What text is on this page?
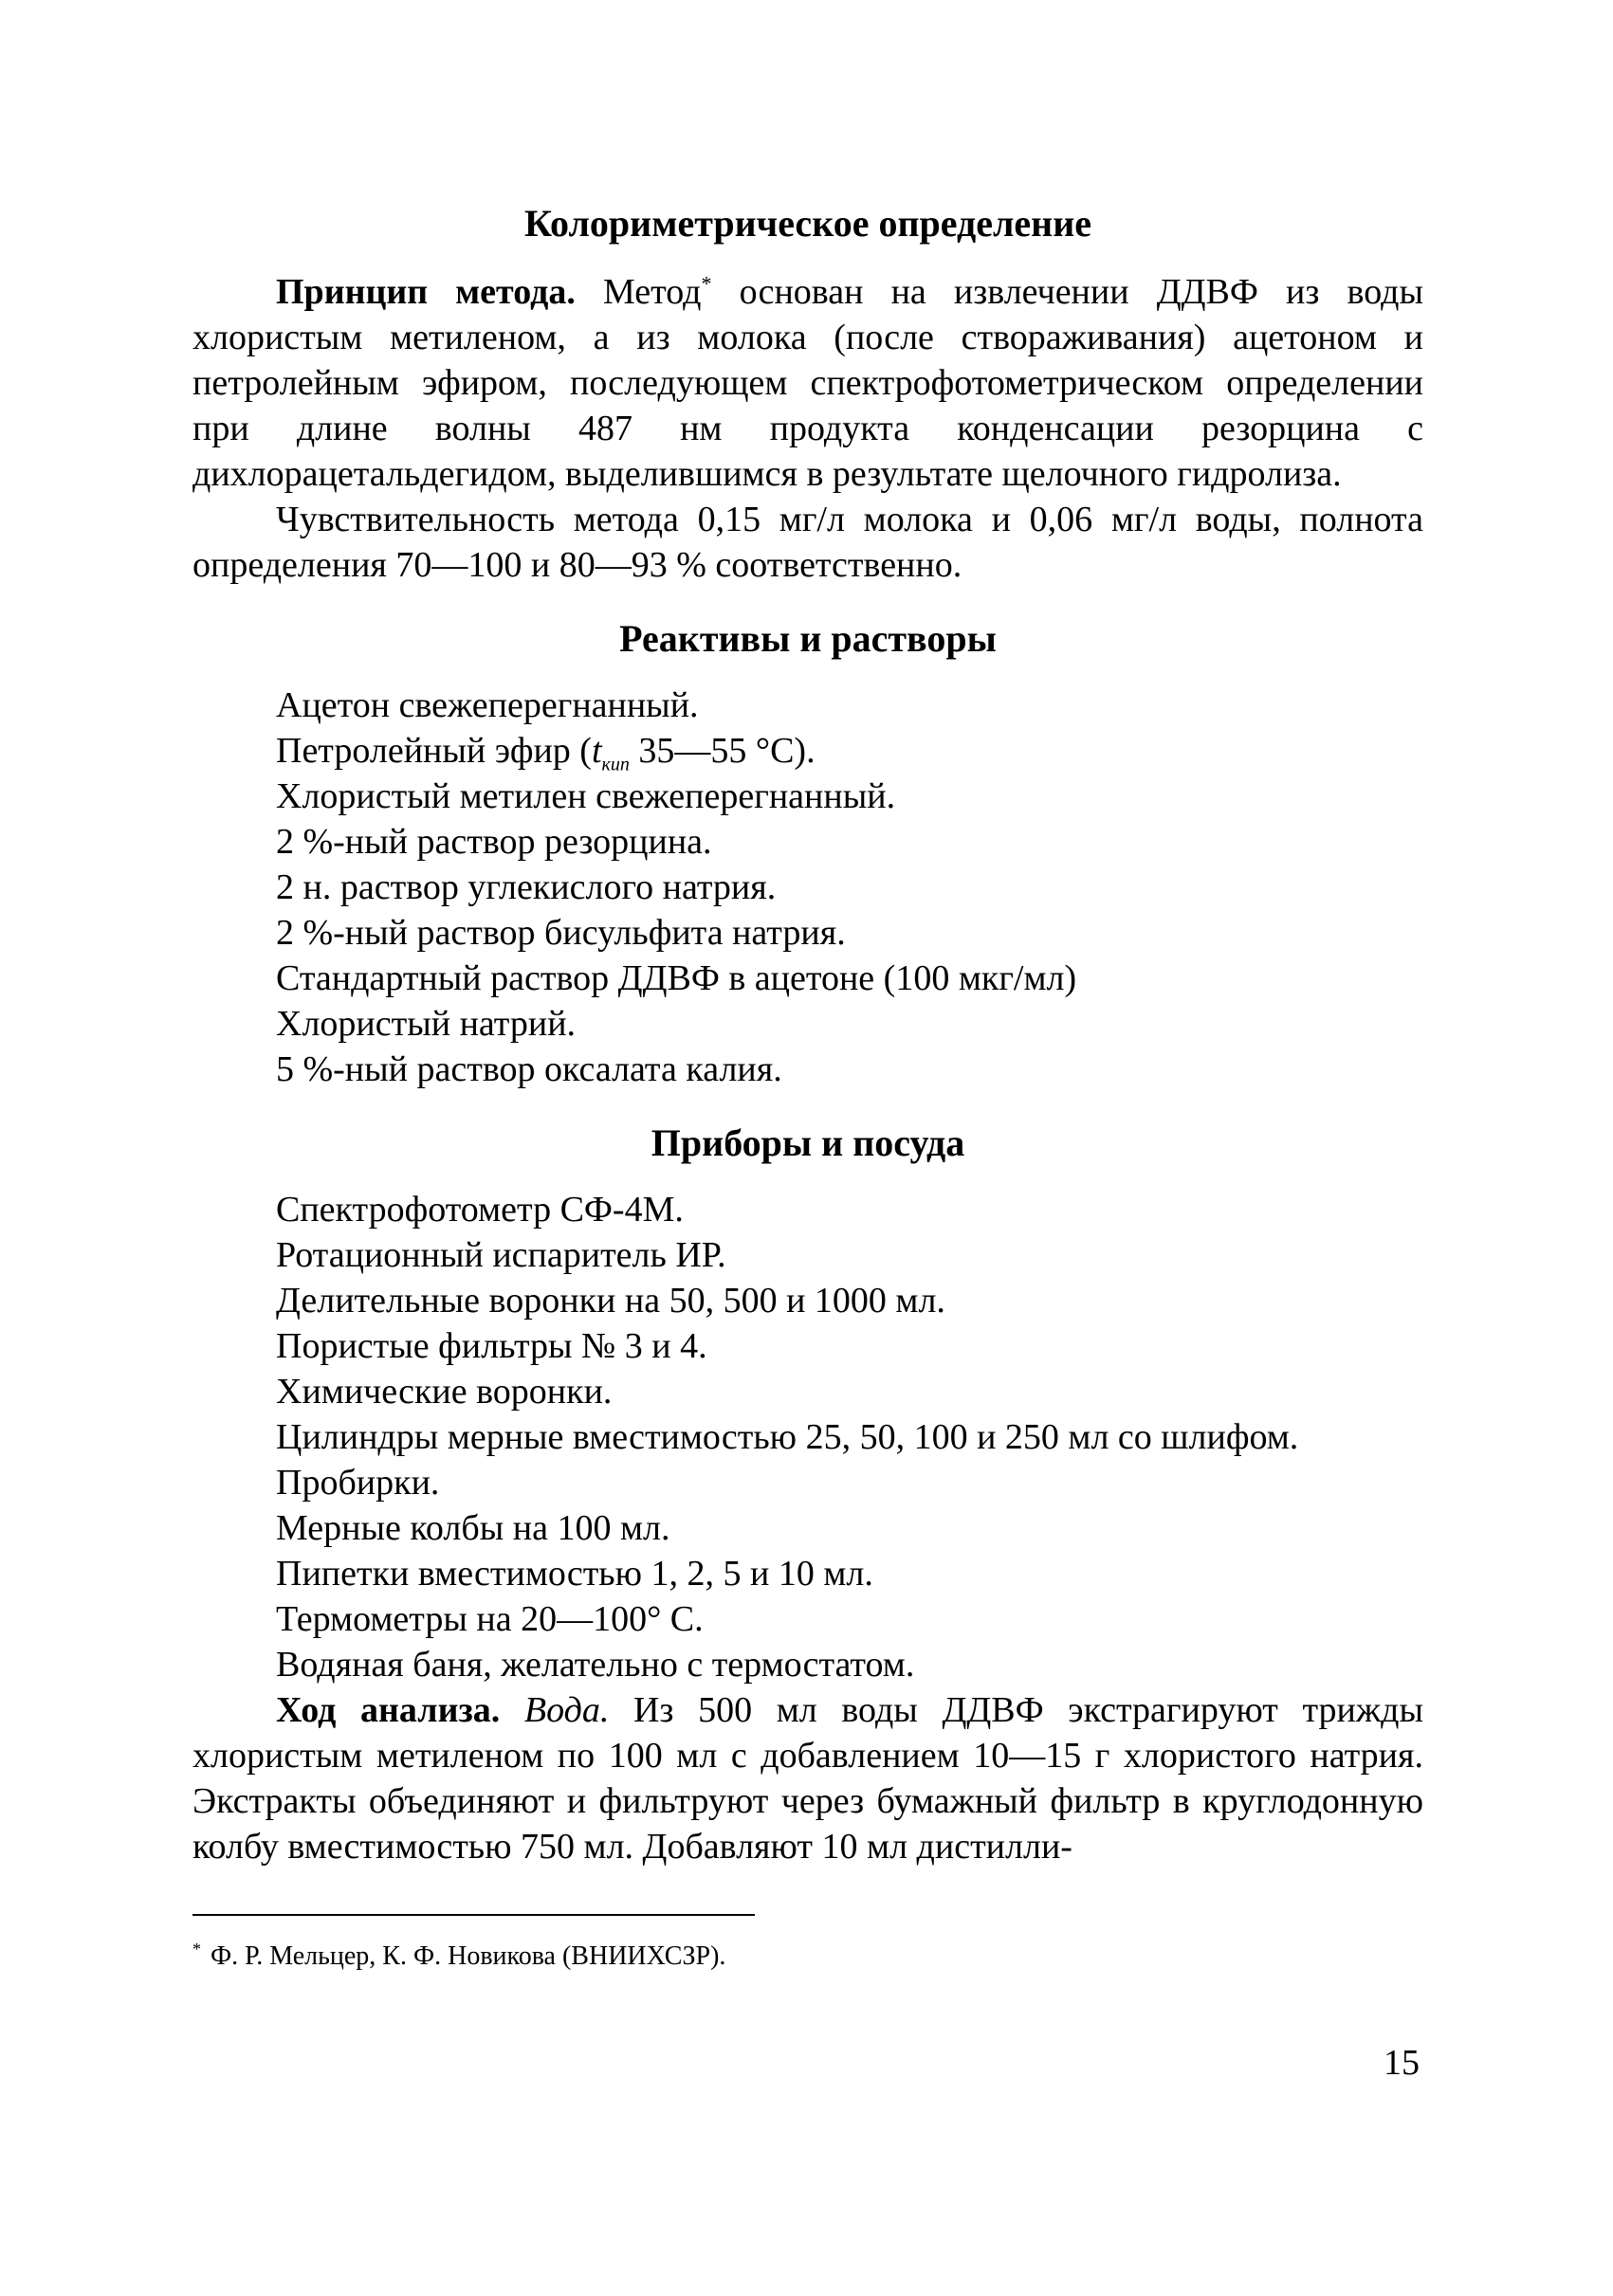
Колориметрическое определение

Принцип метода. Метод* основан на извлечении ДДВФ из воды хлористым метиленом, а из молока (после створаживания) ацетоном и петролейным эфиром, последующем спектрофотометрическом определении при длине волны 487 нм продукта конденсации резорцина с дихлорацетальдегидом, выделившимся в результате щелочного гидролиза.

Чувствительность метода 0,15 мг/л молока и 0,06 мг/л воды, полнота определения 70—100 и 80—93 % соответственно.

Реактивы и растворы
Ацетон свежеперегнанный.
Петролейный эфир ($t_{кип}$ 35—55 °С).
Хлористый метилен свежеперегнанный.
2 %-ный раствор резорцина.
2 н. раствор углекислого натрия.
2 %-ный раствор бисульфита натрия.
Стандартный раствор ДДВФ в ацетоне (100 мкг/мл)
Хлористый натрий.
5 %-ный раствор оксалата калия.
Приборы и посуда
Спектрофотометр СФ-4М.
Ротационный испаритель ИР.
Делительные воронки на 50, 500 и 1000 мл.
Пористые фильтры № 3 и 4.
Химические воронки.
Цилиндры мерные вместимостью 25, 50, 100 и 250 мл со шлифом.
Пробирки.
Мерные колбы на 100 мл.
Пипетки вместимостью 1, 2, 5 и 10 мл.
Термометры на 20—100° С.
Водяная баня, желательно с термостатом.

Ход анализа. Вода. Из 500 мл воды ДДВФ экстрагируют трижды хлористым метиленом по 100 мл с добавлением 10—15 г хлористого натрия. Экстракты объединяют и фильтруют через бумажный фильтр в круглодонную колбу вместимостью 750 мл. Добавляют 10 мл дистилли-

* Ф. Р. Мельцер, К. Ф. Новикова (ВНИИХСЗР).
15
